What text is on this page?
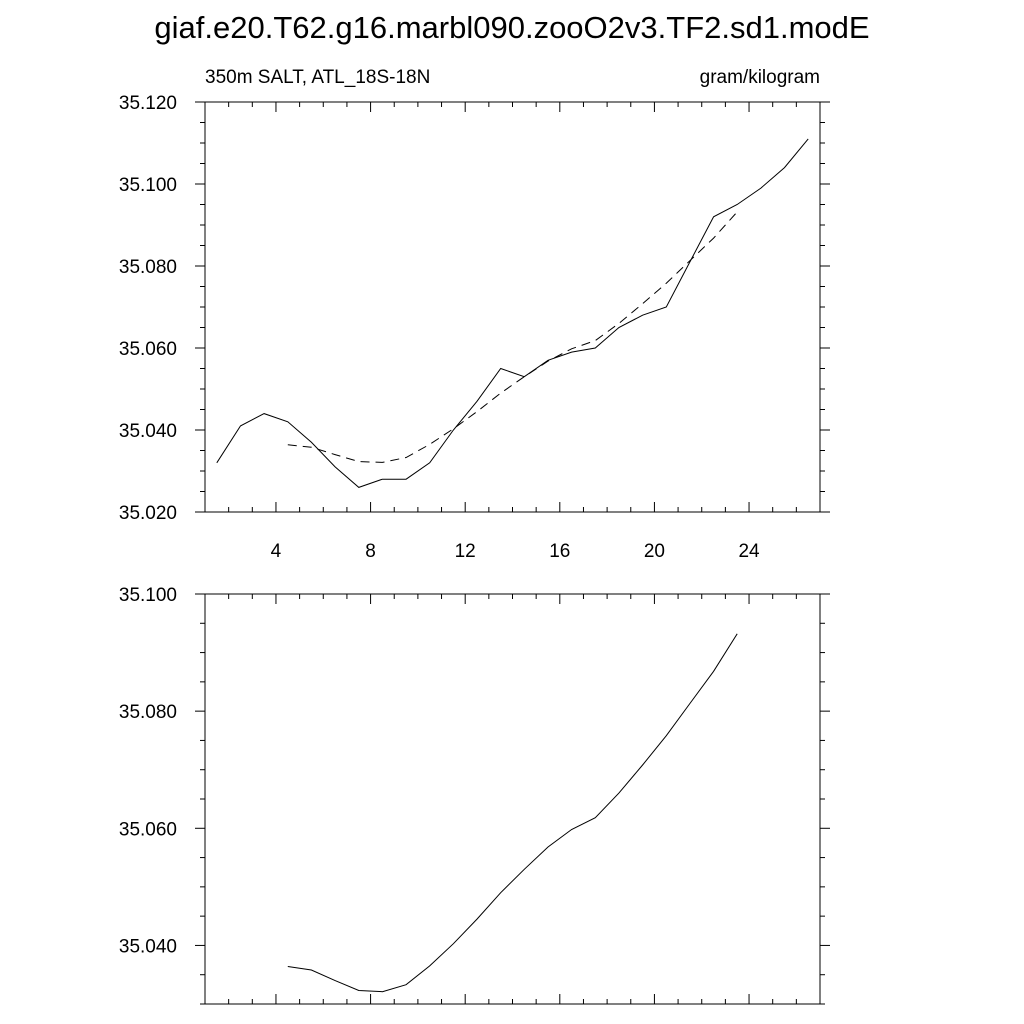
giaf.e20.T62.g16.marbl090.zooO2v3.TF2.sd1.modE
350m SALT, ATL_18S-18N	gram/kilogram
4	8	12	16	20	24
35.020
35.040
35.060
35.080
35.100
35.120
35.040
35.060
35.080
35.100
